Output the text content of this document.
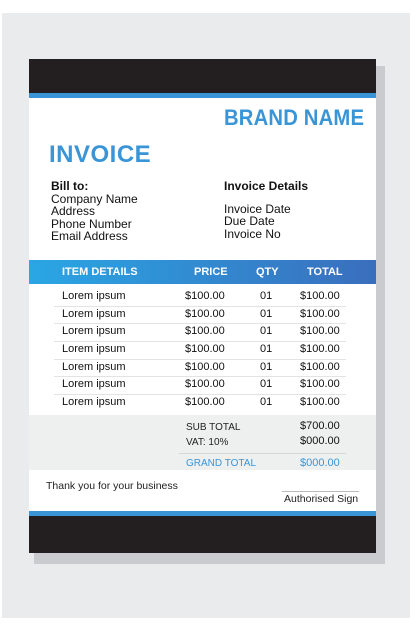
BRAND NAME
INVOICE
Bill to:
Company Name
Address
Phone Number
Email Address
Invoice Details
Invoice Date
Due Date
Invoice No
ITEM DETAILS	PRICE	QTY	TOTAL
Lorem ipsum	$100.00	01	$100.00
Lorem ipsum	$100.00	01	$100.00
Lorem ipsum	$100.00	01	$100.00
Lorem ipsum	$100.00	01	$100.00
Lorem ipsum	$100.00	01	$100.00
Lorem ipsum	$100.00	01	$100.00
Lorem ipsum	$100.00	01	$100.00
SUB TOTAL	$700.00
VAT: 10%	$000.00
GRAND TOTAL	$000.00
Thank you for your business
Authorised Sign
